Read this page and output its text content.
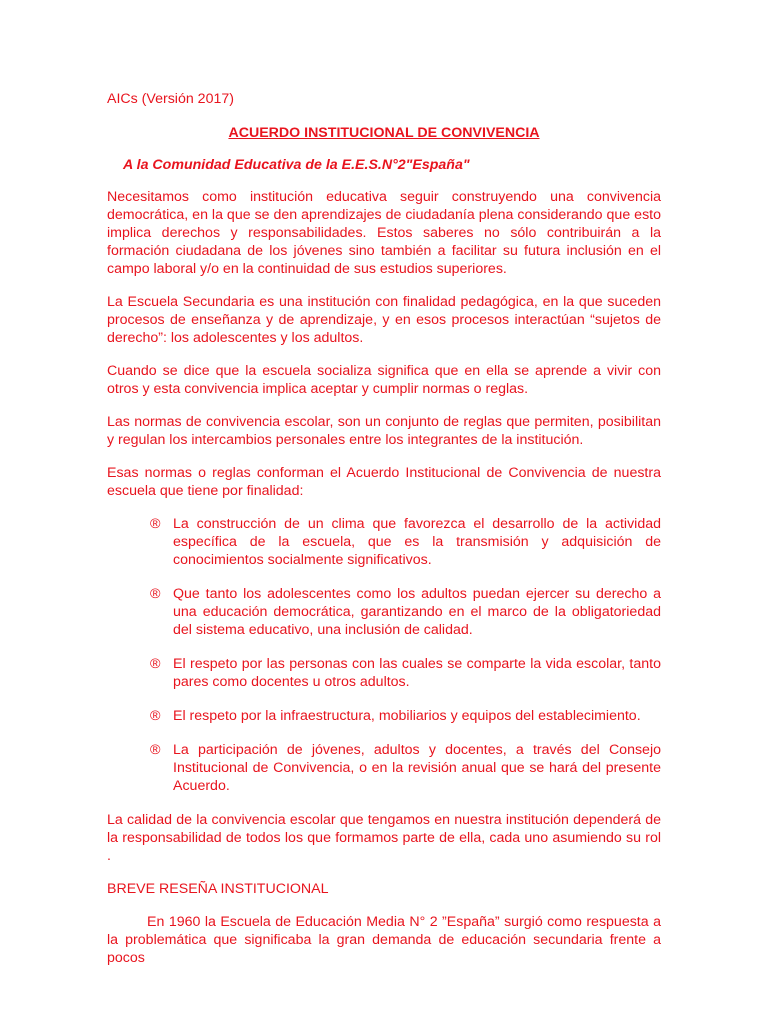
AICs (Versión 2017)

ACUERDO INSTITUCIONAL DE CONVIVENCIA

A la Comunidad Educativa de la E.E.S.N°2"España"

Necesitamos como institución educativa seguir construyendo una convivencia democrática, en la que se den aprendizajes de ciudadanía plena considerando que esto implica derechos y responsabilidades. Estos saberes no sólo contribuirán a la formación ciudadana de los jóvenes sino también a facilitar su futura inclusión en el campo laboral y/o en la continuidad de sus estudios superiores.

La Escuela Secundaria es una institución con finalidad pedagógica, en la que suceden procesos de enseñanza y de aprendizaje, y en esos procesos interactúan “sujetos de derecho”: los adolescentes y los adultos.

Cuando se dice que la escuela socializa significa que en ella se aprende a vivir con otros y esta convivencia implica aceptar y cumplir normas o reglas.

Las normas de convivencia escolar, son un conjunto de reglas que permiten, posibilitan y regulan los intercambios personales entre los integrantes de la institución.

Esas normas o reglas conforman el Acuerdo Institucional de Convivencia de nuestra escuela que tiene por finalidad:

® La construcción de un clima que favorezca el desarrollo de la actividad específica de la escuela, que es la transmisión y adquisición de conocimientos socialmente significativos.
® Que tanto los adolescentes como los adultos puedan ejercer su derecho a una educación democrática, garantizando en el marco de la obligatoriedad del sistema educativo, una inclusión de calidad.
® El respeto por las personas con las cuales se comparte la vida escolar, tanto pares como docentes u otros adultos.
® El respeto por la infraestructura, mobiliarios y equipos del establecimiento.
® La participación de jóvenes, adultos y docentes, a través del Consejo Institucional de Convivencia, o en la revisión anual que se hará del presente Acuerdo.

La calidad de la convivencia escolar que tengamos en nuestra institución dependerá de la responsabilidad de todos los que formamos parte de ella, cada uno asumiendo su rol .

BREVE RESEÑA INSTITUCIONAL

En 1960 la Escuela de Educación Media N° 2 ”España” surgió como respuesta a la problemática que significaba la gran demanda de educación secundaria frente a pocos
